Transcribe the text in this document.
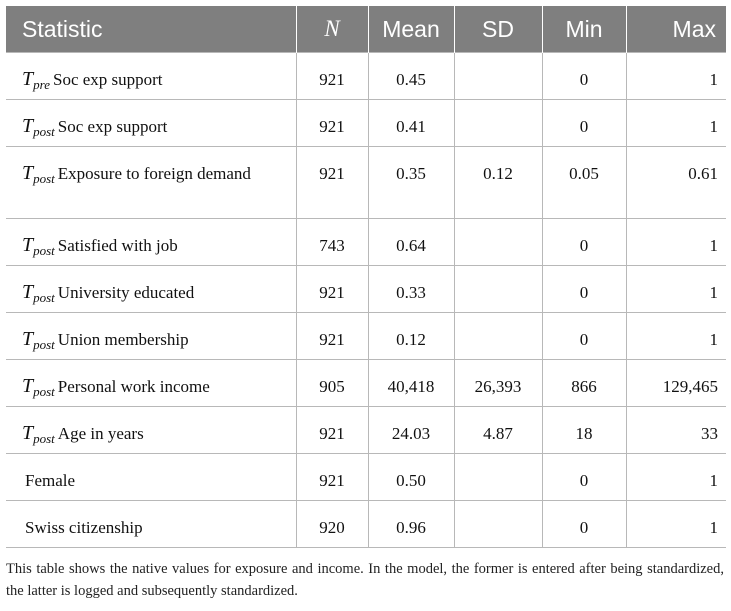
Statistic	N	Mean	SD	Min	Max
$T_{pre}$ Soc exp support	921	0.45		0	1
$T_{post}$ Soc exp support	921	0.41		0	1
$T_{post}$ Exposure to foreign demand	921	0.35	0.12	0.05	0.61
$T_{post}$ Satisfied with job	743	0.64		0	1
$T_{post}$ University educated	921	0.33		0	1
$T_{post}$ Union membership	921	0.12		0	1
$T_{post}$ Personal work income	905	40,418	26,393	866	129,465
$T_{post}$ Age in years	921	24.03	4.87	18	33
Female	921	0.50		0	1
Swiss citizenship	920	0.96		0	1
This table shows the native values for exposure and income. In the model, the former is entered after being standardized, the latter is logged and subsequently standardized.
